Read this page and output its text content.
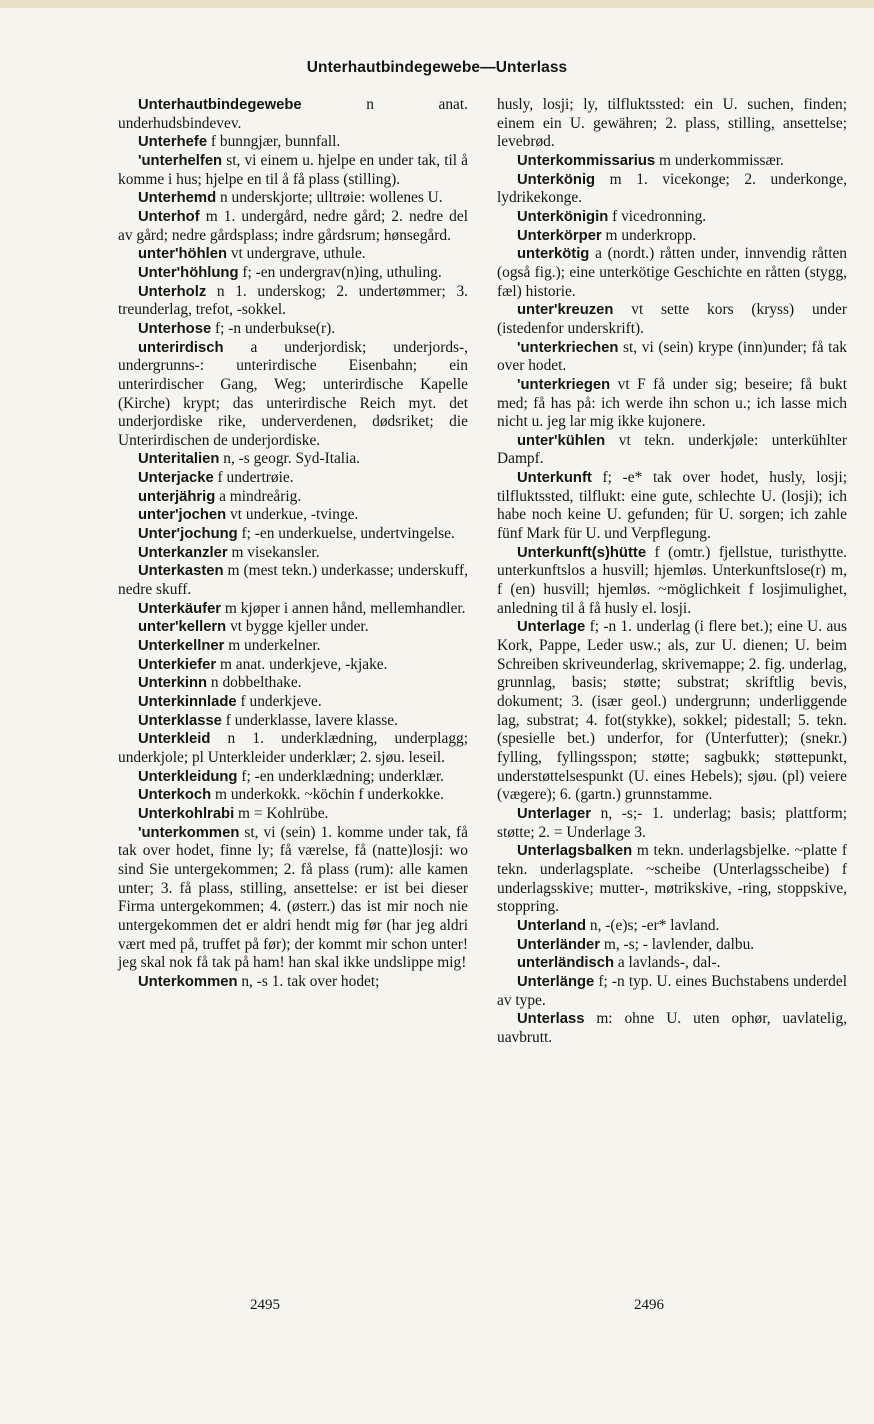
Unterhautbindegewebe—Unterlass

Unterhautbindegewebe n anat. underhudsbindevev.

Unterhefe f bunngjær, bunnfall.

'unterhelfen st, vi einem u. hjelpe en under tak, til å komme i hus; hjelpe en til å få plass (stilling).

Unterhemd n underskjorte; ulltrøie: wollenes U.

Unterhof m 1. undergård, nedre gård; 2. nedre del av gård; nedre gårdsplass; indre gårdsrum; hønsegård.

unter'höhlen vt undergrave, uthule.

Unter'höhlung f; -en undergrav(n)ing, uthuling.

Unterholz n 1. underskog; 2. undertømmer; 3. treunderlag, trefot, -sokkel.

Unterhose f; -n underbukse(r).

unterirdisch a underjordisk; underjords-, undergrunns-: unterirdische Eisenbahn; ein unterirdischer Gang, Weg; unterirdische Kapelle (Kirche) krypt; das unterirdische Reich myt. det underjordiske rike, underverdenen, dødsriket; die Unterirdischen de underjordiske.

Unteritalien n, -s geogr. Syd-Italia.

Unterjacke f undertrøie.

unterjährig a mindreårig.

unter'jochen vt underkue, -tvinge.

Unter'jochung f; -en underkuelse, undertvingelse.

Unterkanzler m visekansler.

Unterkasten m (mest tekn.) underkasse; underskuff, nedre skuff.

Unterkäufer m kjøper i annen hånd, mellemhandler.

unter'kellern vt bygge kjeller under.

Unterkellner m underkelner.

Unterkiefer m anat. underkjeve, -kjake.

Unterkinn n dobbelthake.

Unterkinnlade f underkjeve.

Unterklasse f underklasse, lavere klasse.

Unterkleid n 1. underklædning, underplagg; underkjole; pl Unterkleider underklær; 2. sjøu. leseil.

Unterkleidung f; -en underklædning; underklær.

Unterkoch m underkokk. ~köchin f underkokke.

Unterkohlrabi m = Kohlrübe.

'unterkommen st, vi (sein) 1. komme under tak, få tak over hodet, finne ly; få værelse, få (natte)losji: wo sind Sie untergekommen; 2. få plass (rum): alle kamen unter; 3. få plass, stilling, ansettelse: er ist bei dieser Firma untergekommen; 4. (østerr.) das ist mir noch nie untergekommen det er aldri hendt mig før (har jeg aldri vært med på, truffet på før); der kommt mir schon unter! jeg skal nok få tak på ham! han skal ikke undslippe mig!

Unterkommen n, -s 1. tak over hodet;

husly, losji; ly, tilfluktssted: ein U. suchen, finden; einem ein U. gewähren; 2. plass, stilling, ansettelse; levebrød.

Unterkommissarius m underkommissær.

Unterkönig m 1. vicekonge; 2. underkonge, lydrikekonge.

Unterkönigin f vicedronning.

Unterkörper m underkropp.

unterkötig a (nordt.) råtten under, innvendig råtten (også fig.); eine unterkötige Geschichte en råtten (stygg, fæl) historie.

unter'kreuzen vt sette kors (kryss) under (istedenfor underskrift).

'unterkriechen st, vi (sein) krype (inn)under; få tak over hodet.

'unterkriegen vt F få under sig; beseire; få bukt med; få has på: ich werde ihn schon u.; ich lasse mich nicht u. jeg lar mig ikke kujonere.

unter'kühlen vt tekn. underkjøle: unterkühlter Dampf.

Unterkunft f; -e* tak over hodet, husly, losji; tilfluktssted, tilflukt: eine gute, schlechte U. (losji); ich habe noch keine U. gefunden; für U. sorgen; ich zahle fünf Mark für U. und Verpflegung.

Unterkunft(s)hütte f (omtr.) fjellstue, turisthytte. unterkunftslos a husvill; hjemløs. Unterkunftslose(r) m, f (en) husvill; hjemløs. ~möglichkeit f losjimulighet, anledning til å få husly el. losji.

Unterlage f; -n 1. underlag (i flere bet.); eine U. aus Kork, Pappe, Leder usw.; als, zur U. dienen; U. beim Schreiben skriveunderlag, skrivemappe; 2. fig. underlag, grunnlag, basis; støtte; substrat; skriftlig bevis, dokument; 3. (især geol.) undergrunn; underliggende lag, substrat; 4. fot(stykke), sokkel; pidestall; 5. tekn. (spesielle bet.) underfor, for (Unterfutter); (snekr.) fylling, fyllingsspon; støtte; sagbukk; støttepunkt, understøttelsespunkt (U. eines Hebels); sjøu. (pl) veiere (vægere); 6. (gartn.) grunnstamme.

Unterlager n, -s;- 1. underlag; basis; plattform; støtte; 2. = Underlage 3.

Unterlagsbalken m tekn. underlagsbjelke. ~platte f tekn. underlagsplate. ~scheibe (Unterlagsscheibe) f underlagsskive; mutter-, møtrikskive, -ring, stoppskive, stoppring.

Unterland n, -(e)s; -er* lavland.

Unterländer m, -s; - lavlender, dalbu.

unterländisch a lavlands-, dal-.

Unterlänge f; -n typ. U. eines Buchstabens underdel av type.

Unterlass m: ohne U. uten ophør, uavlatelig, uavbrutt.

2495	2496
